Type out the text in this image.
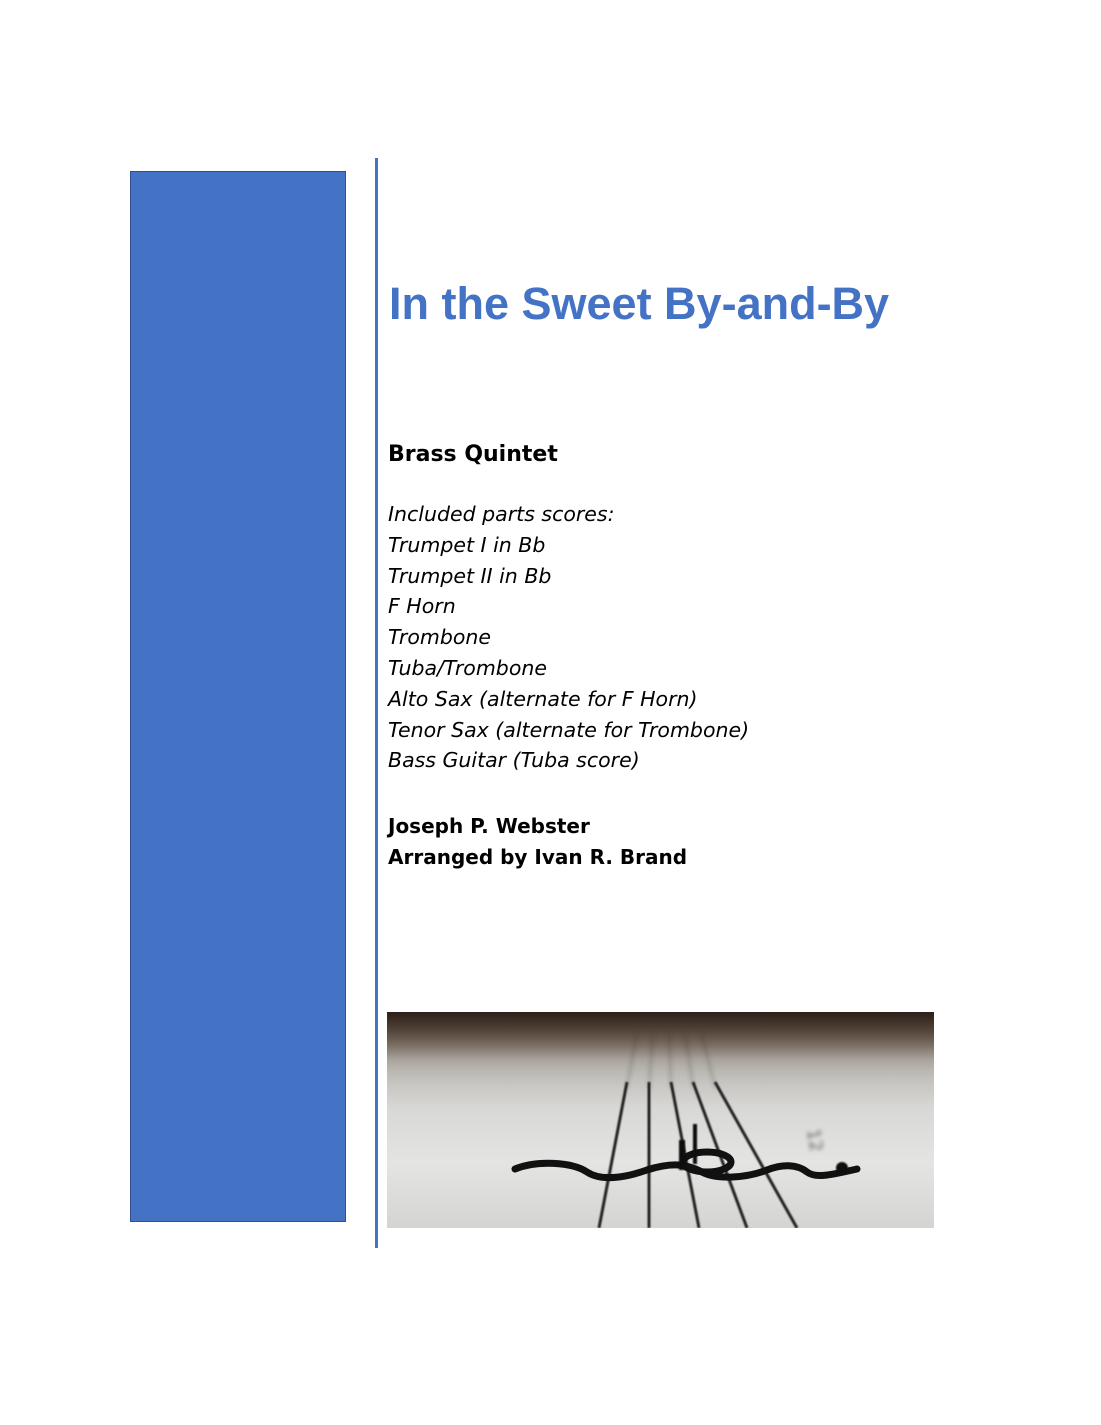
In the Sweet By-and-By
Brass Quintet
Included parts scores:
Trumpet I in Bb
Trumpet II in Bb
F Horn
Trombone
Tuba/Trombone
Alto Sax (alternate for F Horn)
Tenor Sax (alternate for Trombone)
Bass Guitar (Tuba score)
Joseph P. Webster
Arranged by Ivan R. Brand
12
